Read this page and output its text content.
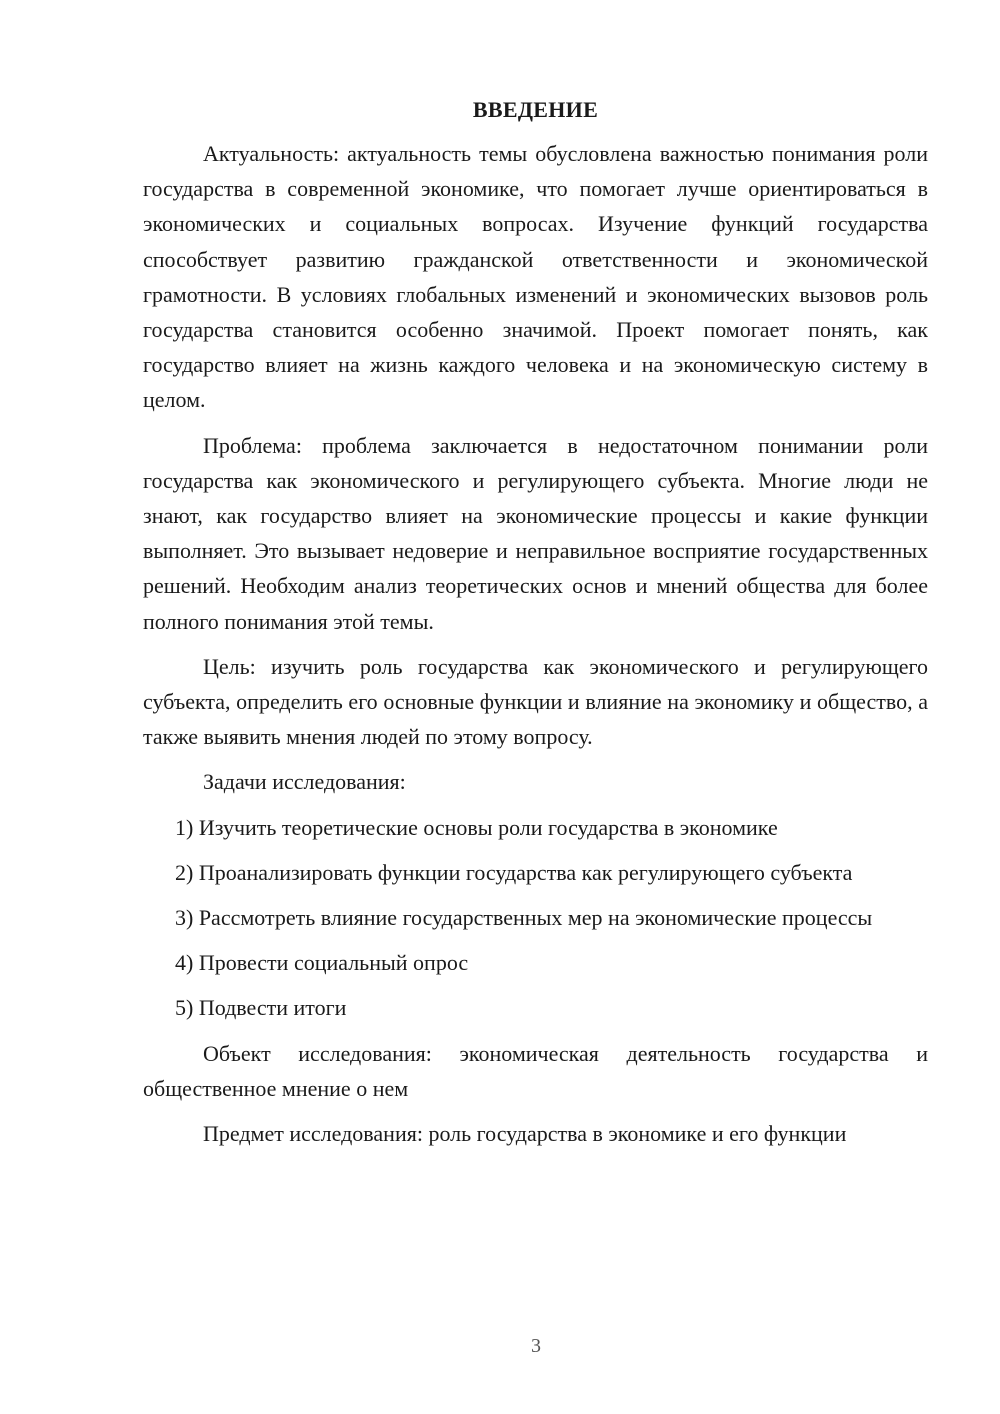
ВВЕДЕНИЕ

Актуальность: актуальность темы обусловлена важностью понимания роли государства в современной экономике, что помогает лучше ориентироваться в экономических и социальных вопросах. Изучение функций государства способствует развитию гражданской ответственности и экономической грамотности. В условиях глобальных изменений и экономических вызовов роль государства становится особенно значимой. Проект помогает понять, как государство влияет на жизнь каждого человека и на экономическую систему в целом.

Проблема: проблема заключается в недостаточном понимании роли государства как экономического и регулирующего субъекта. Многие люди не знают, как государство влияет на экономические процессы и какие функции выполняет. Это вызывает недоверие и неправильное восприятие государственных решений. Необходим анализ теоретических основ и мнений общества для более полного понимания этой темы.

Цель: изучить роль государства как экономического и регулирующего субъекта, определить его основные функции и влияние на экономику и общество, а также выявить мнения людей по этому вопросу.

Задачи исследования:

1) Изучить теоретические основы роли государства в экономике

2) Проанализировать функции государства как регулирующего субъекта

3) Рассмотреть влияние государственных мер на экономические процессы

4) Провести социальный опрос

5) Подвести итоги

Объект исследования: экономическая деятельность государства и общественное мнение о нем

Предмет исследования: роль государства в экономике и его функции

3
